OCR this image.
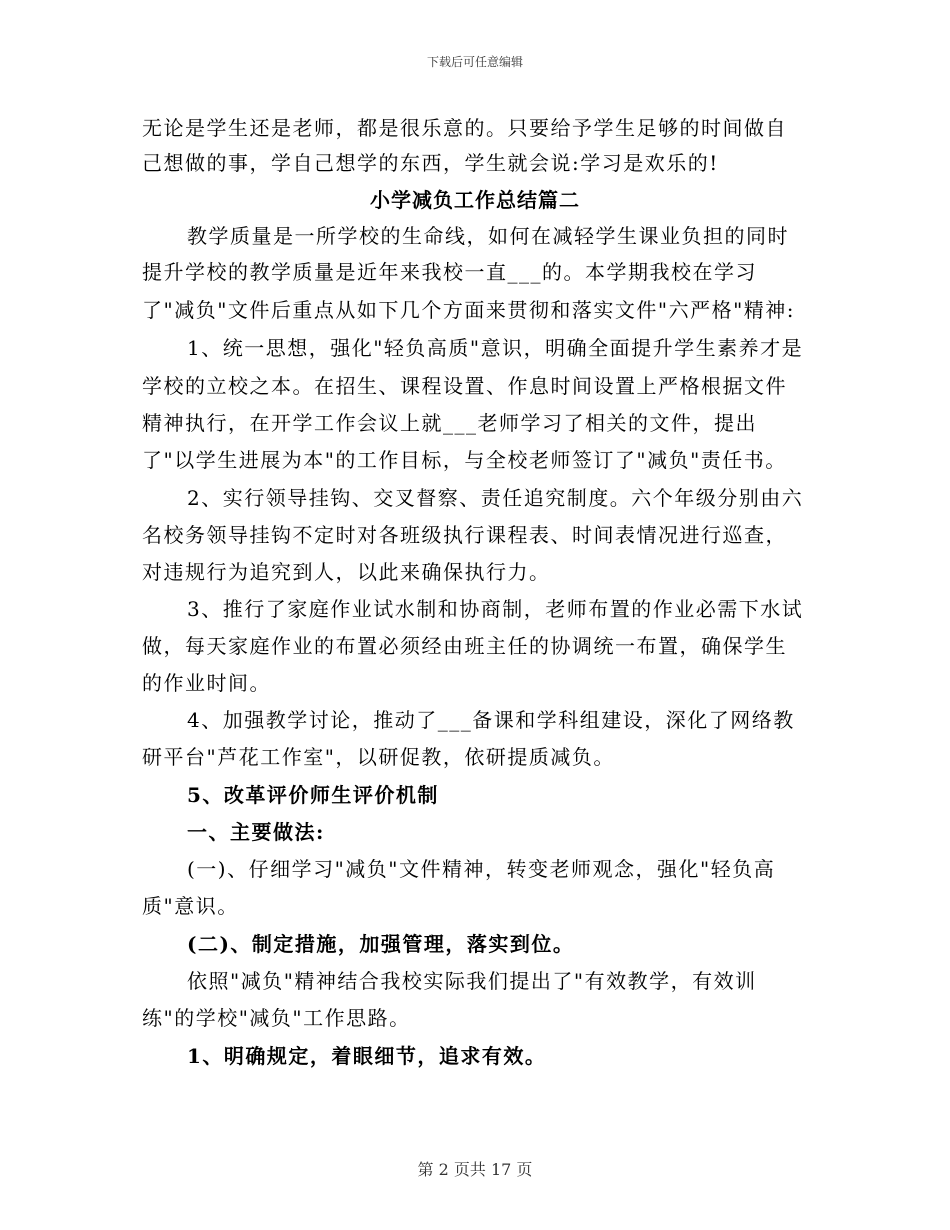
下载后可任意编辑
无论是学生还是老师，都是很乐意的。只要给予学生足够的时间做自
己想做的事，学自己想学的东西，学生就会说:学习是欢乐的!
小学减负工作总结篇二
教学质量是一所学校的生命线，如何在减轻学生课业负担的同时
提升学校的教学质量是近年来我校一直___的。本学期我校在学习
了"减负"文件后重点从如下几个方面来贯彻和落实文件"六严格"精神:
1、统一思想，强化"轻负高质"意识，明确全面提升学生素养才是
学校的立校之本。在招生、课程设置、作息时间设置上严格根据文件
精神执行，在开学工作会议上就___老师学习了相关的文件，提出
了"以学生进展为本"的工作目标，与全校老师签订了"减负"责任书。
2、实行领导挂钩、交叉督察、责任追究制度。六个年级分别由六
名校务领导挂钩不定时对各班级执行课程表、时间表情况进行巡查，
对违规行为追究到人，以此来确保执行力。
3、推行了家庭作业试水制和协商制，老师布置的作业必需下水试
做，每天家庭作业的布置必须经由班主任的协调统一布置，确保学生
的作业时间。
4、加强教学讨论，推动了___备课和学科组建设，深化了网络教
研平台"芦花工作室"，以研促教，依研提质减负。
5、改革评价师生评价机制
一、主要做法:
(一)、仔细学习"减负"文件精神，转变老师观念，强化"轻负高
质"意识。
(二)、制定措施，加强管理，落实到位。
依照"减负"精神结合我校实际我们提出了"有效教学，有效训
练"的学校"减负"工作思路。
1、明确规定，着眼细节，追求有效。
第 2 页共 17 页
